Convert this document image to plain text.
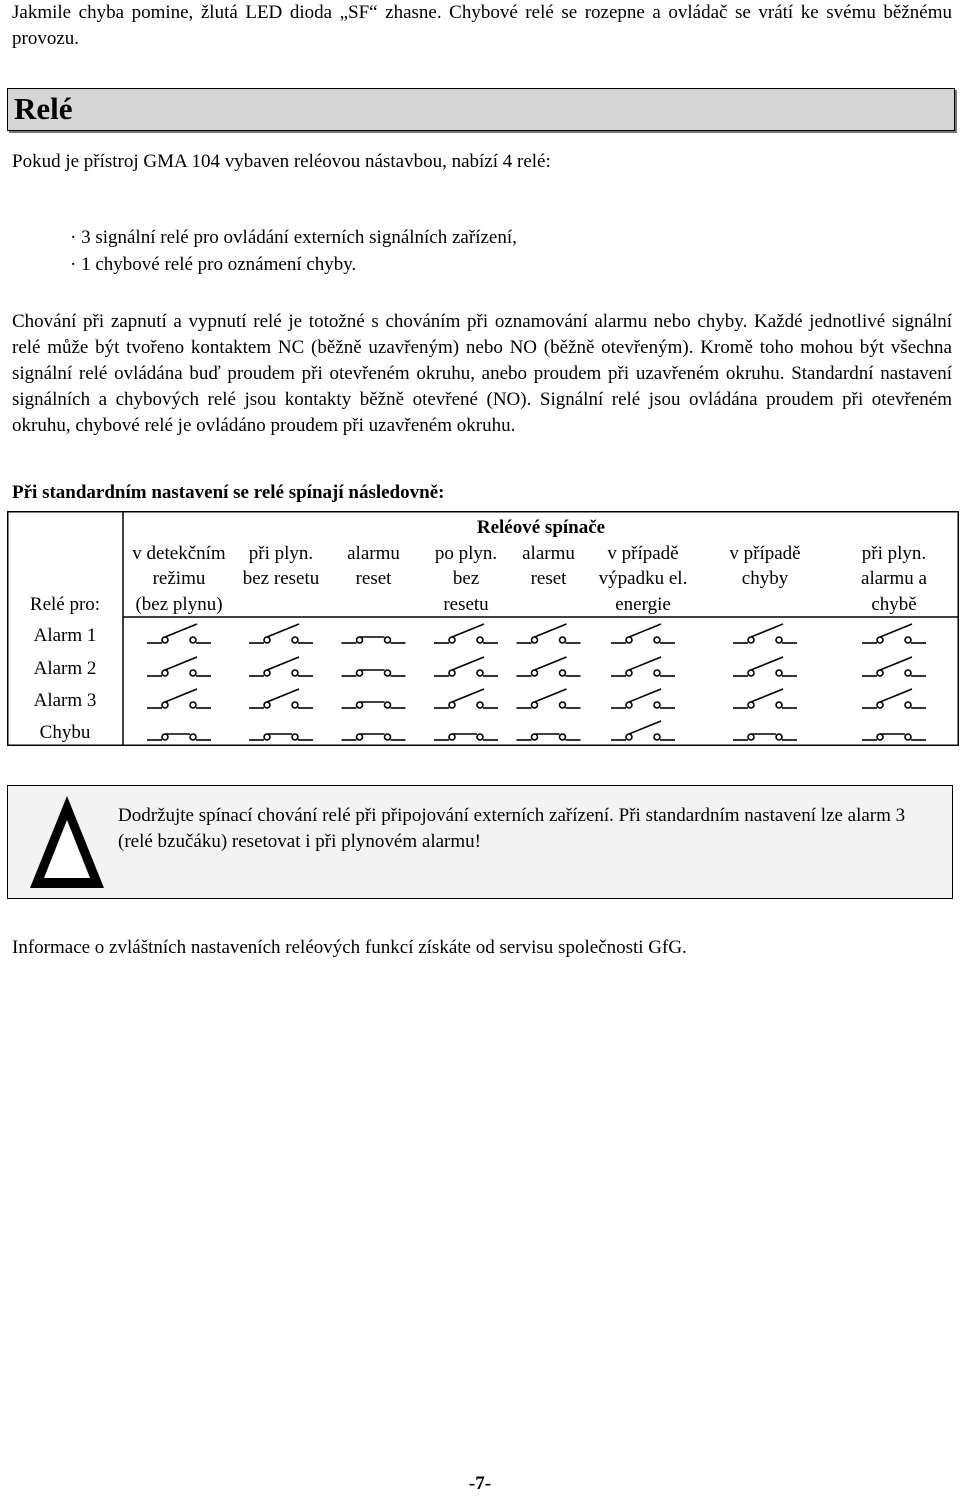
Jakmile chyba pomine, žlutá LED dioda „SF“ zhasne. Chybové relé se rozepne a ovládač se vrátí ke svému běžnému provozu.
Relé
Pokud je přístroj GMA 104 vybaven reléovou nástavbou, nabízí 4 relé:
· 3 signální relé pro ovládání externích signálních zařízení,
· 1 chybové relé pro oznámení chyby.
Chování při zapnutí a vypnutí relé je totožné s chováním při oznamování alarmu nebo chyby. Každé jednotlivé signální relé může být tvořeno kontaktem NC (běžně uzavřeným) nebo NO (běžně otevřeným). Kromě toho mohou být všechna signální relé ovládána buď proudem při otevřeném okruhu, anebo proudem při uzavřeném okruhu. Standardní nastavení signálních a chybových relé jsou kontakty běžně otevřené (NO). Signální relé jsou ovládána proudem při otevřeném okruhu, chybové relé je ovládáno proudem při uzavřeném okruhu.
Při standardním nastavení se relé spínají následovně:
Reléové spínače
v detekčním
režimu
(bez plynu)
při plyn.
bez resetu
alarmu
reset
po plyn.
bez
resetu
alarmu
reset
v případě
výpadku el.
energie
v případě
chyby
při plyn.
alarmu a
chybě
Relé pro:
Alarm 1
Alarm 2
Alarm 3
Chybu
Dodržujte spínací chování relé při připojování externích zařízení. Při standardním nastavení lze alarm 3 (relé bzučáku) resetovat i při plynovém alarmu!
Informace o zvláštních nastaveních reléových funkcí získáte od servisu společnosti GfG.
-7-
